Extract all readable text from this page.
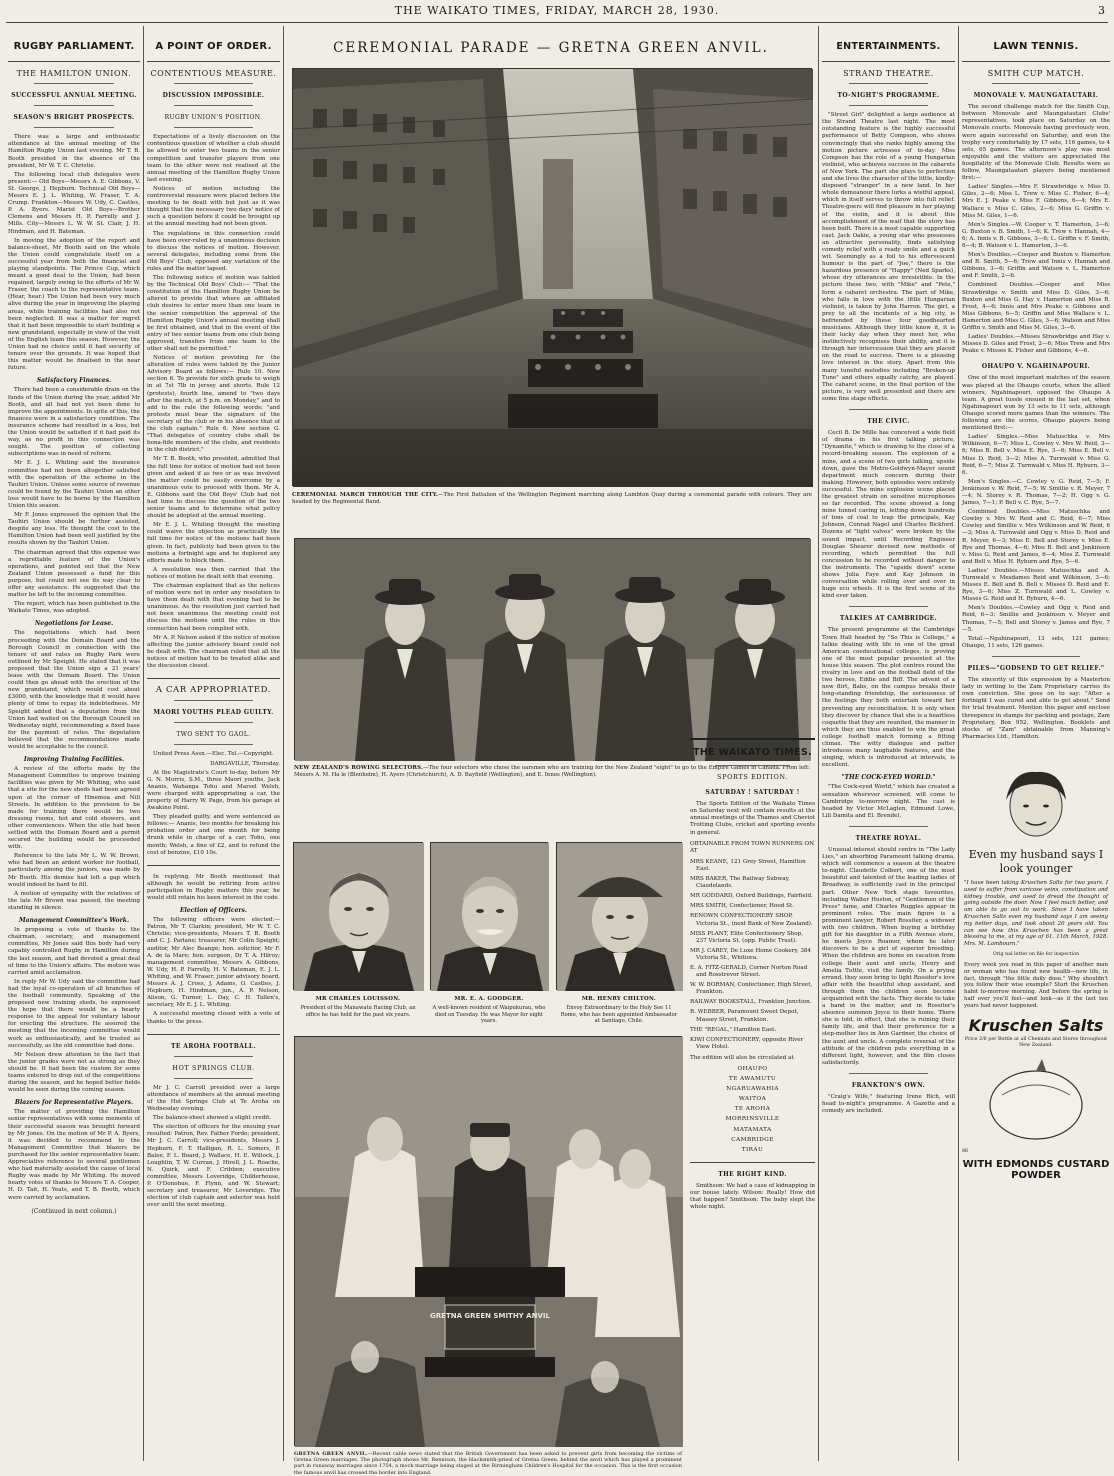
THE WAIKATO TIMES, FRIDAY, MARCH 28, 1930.	3
RUGBY PARLIAMENT.
THE HAMILTON UNION.
SUCCESSFUL ANNUAL MEETING.
SEASON'S BRIGHT PROSPECTS.

There was a large and enthusiastic attendance at the annual meeting of the Hamilton Rugby Union last evening. Mr T. B. Booth presided in the absence of the president, Mr W. T. C. Christie.

The following local club delegates were present:— Old Boys—Messrs A. E. Gibbons, V. St. George, J. Hepburn. Technical Old Boys—Messrs E. J. L. Whiting, W. Fraser, T. A. Crump. Frankton—Messrs W. Udy, C. Castles, P. A. Byers. Marist Old Boys—Brother Clemens and Messrs H. P. Farrelly and J. Mills. City—Messrs L. W. W. St. Clair, J. H. Hindman, and H. Bateman.

In moving the adoption of the report and balance-sheet, Mr Booth said on the whole the Union could congratulate itself on a successful year from both the financial and playing standpoints. The Prince Cup, which meant a good deal to the Union, had been regained, largely owing to the efforts of Mr W. Fraser, the coach to the representative team. (Hear, hear.) The Union had been very much alive during the year in improving the playing areas, while training facilities had also not been neglected. It was a matter for regret that it had been impossible to start building a new grandstand, especially in view of the visit of the English team this season. However, the Union had no choice until it had security of tenure over the grounds. It was hoped that this matter would be finalised in the near future.

Satisfactory Finances.

There had been a considerable drain on the funds of the Union during the year, added Mr Booth, and all had not yet been done to improve the appointments. In spite of this, the finances were in a satisfactory condition. The insurance scheme had resulted in a loss, but the Union would be satisfied if it had paid its way, as no profit in this connection was sought. The position of collecting subscriptions was in need of reform.

Mr E. J. L. Whiting said the insurance committee had not been altogether satisfied with the operation of the scheme in the Tauhiri Union. Unless some source of revenue could be found by the Tauhiri Union an other loss would have to be borne by the Hamilton Union this season.

Mr F. Jones expressed the opinion that the Tauhiri Union should be further assisted, despite any loss. He thought the cost to the Hamilton Union had been well justified by the results shown by the Tauhiri Union.

The chairman agreed that this expense was a regrettable feature of the Union's operations, and pointed out that the New Zealand Union possessed a fund for this purpose, but could not see its way clear to offer any assistance. He suggested that the matter be left to the incoming committee.

The report, which has been published in the Waikato Times, was adopted.

Negotiations for Lease.

The negotiations which had been proceeding with the Domain Board and the Borough Council in connection with the tenure of and rates on Rugby Park were outlined by Mr Speight. He stated that it was proposed that the Union sign a 21 years' lease with the Domain Board. The Union could then go ahead with the erection of the new grandstand, which would cost about £3000, with the knowledge that it would have plenty of time to repay its indebtedness. Mr Speight added that a deputation from the Union had waited on the Borough Council on Wednesday night, recommending a fixed base for the payment of rates. The deputation believed that the recommendations made would be acceptable to the council.

Improving Training Facilities.

A review of the efforts made by the Management Committee to improve training facilities was given by Mr Whiting, who said that a site for the new sheds had been agreed upon at the corner of Hinemoa and Nill Streets. In addition to the provision to be made for training there would be two dressing rooms, hot and cold showers, and other conveniences. When the site had been settled with the Domain Board and a permit secured the building would be proceeded with.

Reference to the late Mr L. W. W. Brown, who had been an ardent worker for football, particularly among the juniors, was made by Mr Booth. His demise had left a gap which would indeed be hard to fill.

A motion of sympathy with the relatives of the late Mr Brown was passed, the meeting standing in silence.

Management Committee's Work.

In proposing a vote of thanks to the chairman, secretary, and management committee, Mr Jones said this body had very capably controlled Rugby in Hamilton during the last season, and had devoted a great deal of time to the Union's affairs. The motion was carried amid acclamation.

In reply Mr W. Udy said the committee had had the loyal co-operation of all branches of the football community. Speaking of the proposed new training sheds, he expressed the hope that there would be a hearty response to the appeal for voluntary labour for erecting the structure. He assured the meeting that the incoming committee would work as enthusiastically, and he trusted as successfully, as the old committee had done.

Mr Nelson drew attention to the fact that the junior grades were not as strong as they should be. It had been the custom for some teams entered to drop out of the competitions during the season, and he hoped better fields would be seen during the coming season.

Blazers for Representative Players.

The matter of providing the Hamilton senior representatives with some memento of their successful season was brought forward by Mr Jones. On the motion of Mr P. A. Byers, it was decided to recommend to the Management Committee that blazers be purchased for the senior representative team. Appreciative reference to several gentlemen who had materially assisted the cause of local Rugby was made by Mr Whiting. He moved hearty votes of thanks to Messrs T. A. Cooper, H. D. Tait, H. Yeats, and T. B. Booth, which were carried by acclamation.

(Continued in next column.)
A POINT OF ORDER.
CONTENTIOUS MEASURE.
DISCUSSION IMPOSSIBLE.
RUGBY UNION'S POSITION.

Expectations of a lively discussion on the contentious question of whether a club should be allowed to enter two teams in the senior competition and transfer players from one team to the other were not realised at the annual meeting of the Hamilton Rugby Union last evening.

Notices of motion including the controversial measure were placed before the meeting to be dealt with but just as it was thought that the necessary two days' notice of such a question before it could be brought up at the annual meeting had not been given.

The regulations in this connection could have been over-ruled by a unanimous decision to discuss the notices of motion. However, several delegates, including some from the Old Boys' Club, opposed any variation of the rules and the matter lapsed.

The following notice of motion was tabled by the Technical Old Boys' Club:— "That the constitution of the Hamilton Rugby Union be altered to provide that where an affiliated club desires to enter more than one team in the senior competition the approval of the Hamilton Rugby Union's annual meeting shall be first obtained, and that in the event of the entry of two senior teams from one club being approved, transfers from one team to the other shall not be permitted."

Notices of motion providing for the alteration of rules were tabled by the Junior Advisory Board as follows:— Rule 10. New section 6. To provide for sixth grade to weigh in at 7st 7lb in jersey and shorts. Rule 12 (protests), fourth line, amend to "two days after the match, at 5 p.m. on Monday," and to add to the rule the following words: "and protests must bear the signature of the secretary of the club or in his absence that of the club captain." Rule 6. New section G. "That delegates of country clubs shall be bona-fide members of the clubs, and residents in the club district."

Mr T. B. Booth, who presided, admitted that the full time for notice of motion had not been given and asked if as two or as was involved the matter could be easily overcome by a unanimous vote to proceed with them. Mr A. E. Gibbons said the Old Boys' Club had not had time to discuss the question of the two senior teams and to determine what policy should be adopted at the annual meeting.

Mr E. J. L. Whiting thought the meeting could waive the objection as practically the full time for notice of the motions had been given. In fact, publicity had been given to the motions a fortnight ago and he deplored any efforts made to block them.

A resolution was then carried that the notices of motion be dealt with that evening.

The chairman explained that as the notices of motion were not in order any resolution to have them dealt with that evening had to be unanimous. As the resolution just carried had not been unanimous the meeting could not discuss the motions until the rules in this connection had been complied with.

Mr A. P. Nelson asked if the notice of motion affecting the junior advisory board could not be dealt with. The chairman ruled that all the notices of motion had to be treated alike and the discussion closed.

A CAR APPROPRIATED.
MAORI YOUTHS PLEAD GUILTY.
TWO SENT TO GAOL.

United Press Assn.—Elec. Tel.—Copyright.

DARGAVILLE, Thursday.

At the Magistrate's Court to-day, before Mr G. N. Morris, S.M., three Maori youths, Jack Ananis, Wahanga Tohu and Marsel Welsh, were charged with appropriating a car, the property of Harry W. Page, from his garage at Awakino Point.

They pleaded guilty, and were sentenced as follows:— Ananis, two months for breaking his probation order and one month for being drunk while in charge of a car; Tohu, one month; Welsh, a fine of £2, and to refund the cost of benzine, £10 10s.

In replying, Mr Booth mentioned that although he would be retiring from active participation in Rugby matters this year, he would still retain his keen interest in the code.

Election of Officers.

The following officers were elected:— Patron, Mr T. Clarkin; president, Mr W. T. C. Christie; vice-presidents, Messrs T. B. Booth and C. J. Parlane; treasurer, Mr Colin Speight; auditor, Mr Alec Beange; hon. solicitor, Mr F. A. de la Mare; hon. surgeon, Dr T. A. Hilroy; management committee, Messrs A. Gibbons, W. Udy, H. P. Farrelly, H. V. Bateman, E. J. L. Whiting, and W. Fraser; junior advisory board, Messrs A. J. Cross, J. Adams, O. Castles, J. Hepburn, H. Hindman, jun., A. P. Nelson, Alison, G. Turner, L. Day, C. H. Tallen's, secretary, Mr E. J. L. Whiting.

A successful meeting closed with a vote of thanks to the press.

TE AROHA FOOTBALL.
HOT SPRINGS CLUB.

Mr J. C. Carroll presided over a large attendance of members at the annual meeting of the Hot Springs Club at Te Aroha on Wednesday evening.

The balance-sheet showed a slight credit.

The election of officers for the ensuing year resulted: Patron, Rev. Father Forde; president, Mr J. C. Carroll; vice-presidents, Messrs J. Hepburn, F. T. Halligan, R. L. Somers, P. Balee, F. L. Board, J. Wallace, H. E. Willock, J. Loughlin, T. W. Curran, J. Hirell, J. L. Roache, N. Quirk, and F. Cribben; executive committee, Messrs Loveridge, Childerhouse, P. O'Donohue, F. Flynn, and W. Stewart; secretary and treasurer, Mr Loveridge. The election of club captain and selector was held over until the next meeting.

CEREMONIAL PARADE — GRETNA GREEN ANVIL.
CEREMONIAL MARCH THROUGH THE CITY.—The First Battalion of the Wellington Regiment marching along Lambton Quay during a ceremonial parade with colours. They are headed by the Regimental Band.
NEW ZEALAND'S ROWING SELECTORS.—The four selectors who chose the oarsmen who are training for the New Zealand "eight" to go to the Empire Games in Canada. From left: Messrs A. M. Ha le (Blenheim), H. Ayers (Christchurch), A. D. Bayfield (Wellington), and E. Innes (Wellington).
MR CHARLES LOUISSON.
President of the Manawatu Racing Club, an office he has held for the past six years.
MR. E. A. GOODGER.
A well-known resident of Waipukurau, who died on Tuesday. He was Mayor for eight years.
MR. HENRY CHILTON.
Envoy Extraordinary to the Holy See 11 Rome, who has been appointed Ambassador at Santiago, Chile.
GRETNA GREEN SMITHY ANVIL
GRETNA GREEN ANVIL.—Recent cable news stated that the British Government has been asked to prevent girls from becoming the victims of Gretna Green marriages. The photograph shows Mr. Rennison, the blacksmith-priest of Gretna Green, behind the anvil which has played a prominent part in runaway marriages since 1754, a mock marriage being staged at the Birmingham Children's Hospital for the occasion. This is the first occasion the famous anvil has crossed the border into England.
THE WAIKATO TIMES.
SPORTS EDITION.
SATURDAY ! SATURDAY !

The Sports Edition of the Waikato Times on Saturday next will contain results at the annual meetings of the Thames and Cheviot Trotting Clubs, cricket and sporting events in general.

OBTAINABLE FROM TOWN RUNNERS ON AT

MRS KEANE, 121 Grey Street, Hamilton East.
MRS BAKER, The Railway Subway, Claudelands.
MR GODDARD, Oxford Buildings, Fairfield.
MRS SMITH, Confectioner, Hood St.
RENOWN CONFECTIONERY SHOP, Victoria St., (next Bank of New Zealand).
MISS PLANT, Elite Confectionery Shop, 237 Victoria St. (opp. Public Trust).
MR J. CAREY, De Luxe Home Cookery, 384 Victoria St., Whitiora.
E. A. FITZ-GERALD, Corner Norton Road and Rosstrevor Street.
W. W. BORMAN, Confectioner, High Street, Frankton.
RAILWAY BOOKSTALL, Frankton Junction.
R. WEBBER, Paramount Sweet Depot, Massey Street, Frankton.
THE "REGAL," Hamilton East.
KIWI CONFECTIONERY, opposite River View Hotel.

The edition will also be circulated at

OHAUPO
TE AWAMUTU
NGARUAWAHIA
WAITOA
TE AROHA
MORRINSVILLE
MATAMATA
CAMBRIDGE
TIRAU
THE RIGHT KIND.

Smithson: We had a case of kidnapping in our house lately. Wilson: Really! How did that happen? Smithson: The baby slept the whole night.

ENTERTAINMENTS.
STRAND THEATRE.
TO-NIGHT'S PROGRAMME.

"Street Girl" delighted a large audience at the Strand Theatre last night. The most outstanding feature is the highly successful performance of Betty Compson, who shows convincingly that she ranks highly among the motion picture actresses of to-day. Miss Compson has the role of a young Hungarian violinist, who achieves success in the cabarets of New York. The part she plays to perfection and she lives the character of the little, kindly-disposed "stranger" in a new land. In her whole demeanour there lurks a wistful appeal, which in itself serves to throw into full relief. Theatre-goers will find pleasure in her playing of the violin, and it is about this accomplishment of the waif that the story has been built. There is a most capable supporting cast. Jack Oakie, a young star who possesses an attractive personality, finds satisfying comedy relief with a ready smile and a quick wit. Seemingly as a foil to his effervescent humour is the part of "Joe," there is the hazardous presence of "Happy" (Ned Sparks), whose dry utterances are irresistible. In the picture these two, with "Mike" and "Pete," form a cabaret orchestra. The part of Mike, who falls in love with the little Hungarian violinist, is taken by John Harron. The girl, a prey to all the incidents of a big city, is befriended by these four goodhearted musicians. Although they little know it, it is their lucky day when they meet her, who instinctively recognises their ability, and it is through her intercession that they are placed on the road to success. There is a pleasing love interest in the story. Apart from this many tuneful melodies including "Broken-up Tune" and others equally catchy, are played. The cabaret scene, in the final portion of the picture, is very well presented and there are some fine stage effects.

THE CIVIC.

Cecil B. De Mille has conceived a wide field of drama in his first talking picture, "Dynamite," which is drawing to the close of a record-breaking season. The explosion of a mine, and a scene of two girls talking, upside down, gave the Metro-Goldwyn-Mayer sound department much concern during their making. However, both episodes were entirely successful. The mine explosion scene placed the greatest strain on sensitive microphones so far recorded. The scene showed a long mine tunnel caving in, letting down hundreds of tons of coal to trap the principals, Kay Johnson, Conrad Nagel and Charles Bickford. Dozens of "light valves" were broken by the sound impact, until Recording Engineer Douglas Shearer devised new methods of recording, which permitted the full concussion to be recorded without danger to the instruments. The "upside down" scene shows Julia Faye and Kay Johnson in conversation while rolling over and over in huge ecu wheels. It is the first scene of its kind ever taken.

TALKIES AT CAMBRIDGE.

The present programme at the Cambridge Town Hall headed by "So This is College," a talkie dealing with life in one of the great American coeducational colleges, is proving one of the most popular presented at the house this season. The plot centres round the rivalry in love and on the football field of the two heroes, Eddie and Biff. The advent of a new flirt, Babs, on the campus breaks their long-standing friendship, the seriousness of the feelings they both entertain toward her preventing any reconciliation. It is only when they discover by chance that she is a heartless coquette that they are reunited, the manner in which they are thus enabled to win the great college football match forming a fitting climax. The witty dialogue and patter introduces many laughable features, and the singing, which is introduced at intervals, is excellent.

"THE COCK-EYED WORLD."

"The Cock-eyed World," which has created a sensation wherever screened, will come to Cambridge to-morrow night. The cast is headed by Victor McLaglen, Edmund Lowe, Lili Damita and El. Brendel.

THEATRE ROYAL.

Unusual interest should centre in "The Lady Lies," an absorbing Paramount talking drama, which will commence a season at the theatre to-night. Claudette Colbert, one of the most beautiful and talented of the leading ladies of Broadway, is sufficiently cast in the principal part. Other New York stage favourites, including Walter Huston, of "Gentlemen of the Press" fame, and Charles Ruggles appear in prominent roles. The main figure is a prominent lawyer, Robert Rossiter, a widower with two children. When buying a birthday gift for his daughter in a Fifth Avenue store, he meets Joyce Roamer, whom he later discovers to be a girl of superior breeding. When the children are home on vacation from college their aunt and uncle, Henry and Amelia Tuttle, visit the family. On a prying errand, they soon bring to light Rossiter's love affair with the beautiful shop assistant, and through them the children soon become acquainted with the facts. They decide to take a hand in the matter, and in Rossiter's absence summon Joyce to their home. There she is told, in effect, that she is ruining their family life, and that their preference for a step-mother lies in Ann Gardner, the choice of the aunt and uncle. A complete reversal of the attitude of the children puts everything in a different light, however, and the film closes satisfactorily.

FRANKTON'S OWN.

"Craig's Wife," featuring Irene Rich, will head to-night's programme. A Gazette and a comedy are included.

LAWN TENNIS.
SMITH CUP MATCH.
MONOVALE V. MAUNGATAUTARI.

The second challenge match for the Smith Cup, between Monovale and Maungatautari Clubs' representatives, took place on Saturday on the Monovale courts. Monovale having previously won, were again successful on Saturday, and won the trophy very comfortably by 17 sets, 116 games, to 4 sets, 65 games. The afternoon's play was most enjoyable and the visitors are appreciated the hospitality of the Monovale Club. Results were as follow, Maungatautari players being mentioned first:—

Ladies' Singles.—Mrs F. Strawbridge v. Miss D. Giles, 2—6; Miss L. Trew v. Miss C. Fisher, 6—4; Mrs E. J. Peake v. Miss F. Gibbons, 6—4; Mrs E. Wallace v. Miss C. Giles, 2—6; Miss G. Griffin v. Miss M. Giles, 1—6.

Men's Singles.—W. Cooper v. T. Hamerton, 3—6; G. Buxton v. B. Smith, 1—6; K. Trew v. Hannah, 4—6; A. Innis v. B. Gibbons, 3—6; L. Griffin v. F. Smith, 6—4; B. Watson v. L. Hamerton, 3—6.

Men's Doubles.—Cooper and Buxton v. Hamerton and B. Smith, 5—6; Trew and Innis v. Hannah and Gibbons, 3—6; Griffin and Watson v. L. Hamerton and F. Smith, 2—6.

Combined Doubles.—Cooper and Miss Strawbridge v. Smith and Miss D. Giles, 3—6; Buxton and Miss G. Hay v. Hamerton and Miss B. Frost, 4—6; Innis and Mrs Peake v. Gibbons and Miss Gibbons, 6—5; Griffin and Miss Wallace v. L. Hamerton and Miss C. Giles, 3—6; Watson and Miss Griffin v. Smith and Miss M. Giles, 3—6.

Ladies' Doubles.—Misses Strawbridge and Hay v. Misses D. Giles and Frost, 2—6; Miss Trew and Mrs Peake v. Misses K. Fisher and Gibbons, 4—6.

OHAUPO V. NGAHINAPOURI.

One of the most important matches of the season was played at the Ohaupo courts, when the allied winners, Ngahinapouri, opposed the Ohaupo A team. A great tussle ensued in the last set, when Ngahinapouri won by 13 sets to 11 sets, although Ohaupo scored more games than the winners. The following are the scores, Ohaupo players being mentioned first:—

Ladies' Singles.—Miss Matuschka v. Mrs Wilkinson, 6—7; Miss L. Cowley v. Mrs W. Reid, 3—6; Miss B. Bell v. Miss E. Rye, 3—6; Miss E. Bell v. Miss D. Reid, 3—2; Miss A. Turnwald v. Miss G. Reid, 6—7; Miss Z. Turnwald v. Miss H. Ryburn, 3—6.

Men's Singles.—C. Cowley v. G. Reid, 7—5; F. Jenkinson v. W. Reid, 7—5; W. Smillie v. R. Meyer, 7—4; N. Storey v. R. Thomas, 7—2; H. Ogg v. G. James, 7—1; P. Bell v. C. Rye, 5—7.

Combined Doubles.—Miss Matuschka and Cowley v. Mrs W. Reid and C. Reid, 6—7; Miss Cowley and Smillie v. Mrs Wilkinson and W. Reid, 6—3; Miss A. Turnwald and Ogg v. Miss D. Reid and R. Meyer, 6—3; Miss E. Bell and Storey v. Miss E. Rye and Thomas, 4—6; Miss B. Bell and Jenkinson v. Miss G. Reid and James, 6—4; Miss Z. Turnwald and Bell v. Miss H. Ryburn and Rye, 5—6.

Ladies' Doubles.—Misses Matuschka and A. Turnwald v. Mesdames Reid and Wilkinson, 3—6; Misses E. Bell and B. Bell v. Misses D. Reid and E. Rye, 3—6; Miss Z. Turnwald and L. Cowley v. Misses G. Reid and H. Ryburn, 4—6.

Men's Doubles.—Cowley and Ogg v. Reid and Reid, 6—3; Smillie and Jenkinson v. Meyer and Thomas, 7—5; Bell and Storey v. James and Rye, 7—5.

Total.—Ngahinapouri, 13 sets, 121 games; Ohaupo, 11 sets, 126 games.

PILES—"GODSEND TO GET RELIEF."

The sincerity of this expression by a Masterton lady in writing to the Zam Proprietary carries its own conviction. She goes on to say: "After a fortnight I was cured and able to get about." Send for trial treatment. Mention this paper and enclose threepence in stamps for packing and postage, Zam Proprietary, Box 952, Wellington. Booklets and stocks of "Zam" obtainable from Manning's Pharmacies Ltd., Hamilton.

Even my husband says I look younger
"I have been taking Kruschen Salts for two years. I used to suffer from varicose veins, constipation and kidney trouble, and used to dread the thought of going outside the door. Now I feel much better, and am able to go out to work. Since I have taken Kruschen Salts even my husband says I am seeing my better days, and look about 20 years old. You can see how this Kruschen has been a great blessing to me, at my age of 61. 11th March, 1928. Mrs. M. Lambourn."
Orig nal letter on file for inspection
Every week you read in this paper of another man or woman who has found new health—new life, in fact, through "the little daily dose." Why shouldn't you follow their wise example? Start the Kruschen habit to-morrow morning. And before the spring is half over you'll feel—and look—as if the last ten years had never happened.
Kruschen Salts
Price 2/6 per Bottle at all Chemists and Stores throughout New Zealand.
86
WITH EDMONDS CUSTARD POWDER
